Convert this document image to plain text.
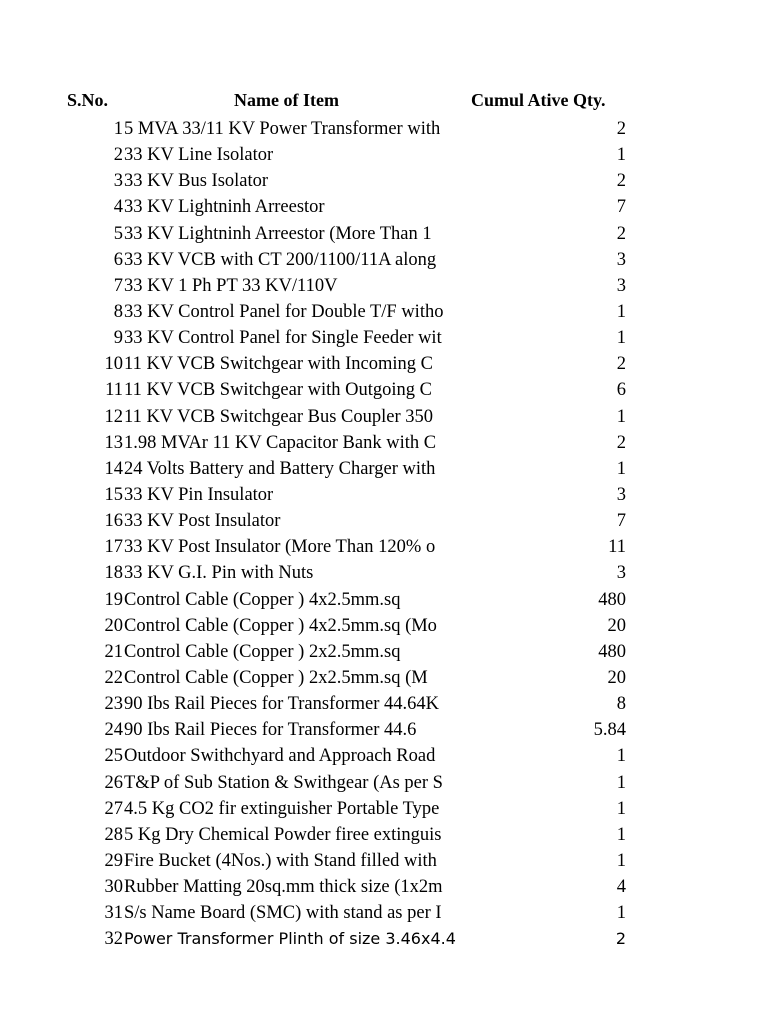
S.No.	Name of Item	Cumul Ative Qty.
1 5 MVA 33/11 KV Power Transformer with	2
2 33 KV Line Isolator	1
3 33 KV Bus Isolator	2
4 33 KV Lightninh Arreestor	7
5 33 KV Lightninh Arreestor (More Than 1	2
6 33 KV VCB with CT 200/1100/11A along	3
7 33 KV 1 Ph PT 33 KV/110V	3
8 33 KV Control Panel for Double T/F witho	1
9 33 KV Control Panel for Single Feeder wit	1
10 11 KV VCB Switchgear with Incoming C	2
11 11 KV VCB Switchgear with Outgoing C	6
12 11 KV VCB Switchgear Bus Coupler 350	1
13 1.98 MVAr 11 KV Capacitor Bank with C	2
14 24 Volts Battery and Battery Charger with	1
15 33 KV Pin Insulator	3
16 33 KV Post Insulator	7
17 33 KV Post Insulator (More Than 120% o	11
18 33 KV G.I. Pin with Nuts	3
19 Control Cable (Copper ) 4x2.5mm.sq	480
20 Control Cable (Copper ) 4x2.5mm.sq (Mo	20
21 Control Cable (Copper ) 2x2.5mm.sq	480
22 Control Cable (Copper ) 2x2.5mm.sq (M	20
23 90 Ibs Rail Pieces for Transformer 44.64K	8
24 90 Ibs Rail Pieces for Transformer 44.6	5.84
25 Outdoor Swithchyard and Approach Road	1
26 T&P of Sub Station & Swithgear (As per S	1
27 4.5 Kg CO2 fir extinguisher Portable Type	1
28 5 Kg Dry Chemical Powder firee extinguis	1
29 Fire Bucket (4Nos.) with Stand filled with	1
30 Rubber Matting 20sq.mm thick size (1x2m	4
31 S/s Name Board (SMC) with stand as per I	1
32 Power Transformer Plinth of size 3.46x4.4	2
